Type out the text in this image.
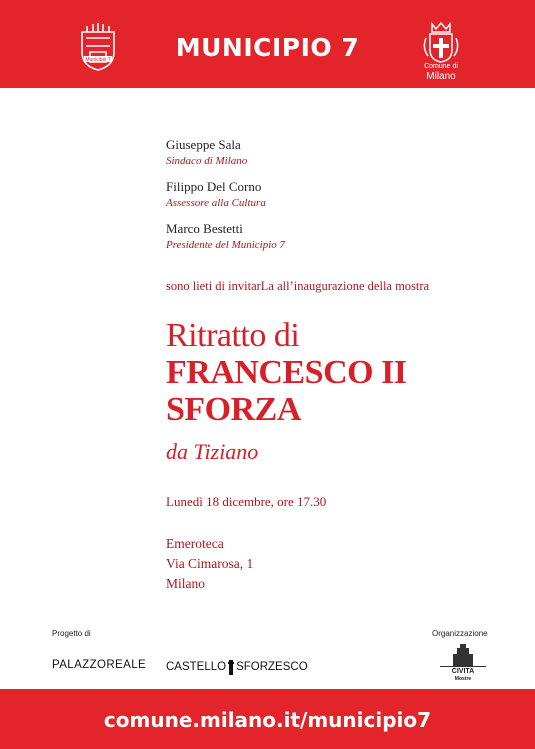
Municipio 7	MUNICIPIO 7
Comune di
Milano
Giuseppe Sala
Sindaco di Milano
Filippo Del Corno
Assessore alla Cultura
Marco Bestetti
Presidente del Municipio 7
sono lieti di invitarLa all’inaugurazione della mostra
Ritratto di
FRANCESCO II
SFORZA
da Tiziano
Lunedì 18 dicembre, ore 17.30
Emeroteca
Via Cimarosa, 1
Milano
Progetto di	Organizzazione
PALAZZOREALE CASTELLO SFORZESCO	CIVITA
Mostre
comune.milano.it/municipio7
